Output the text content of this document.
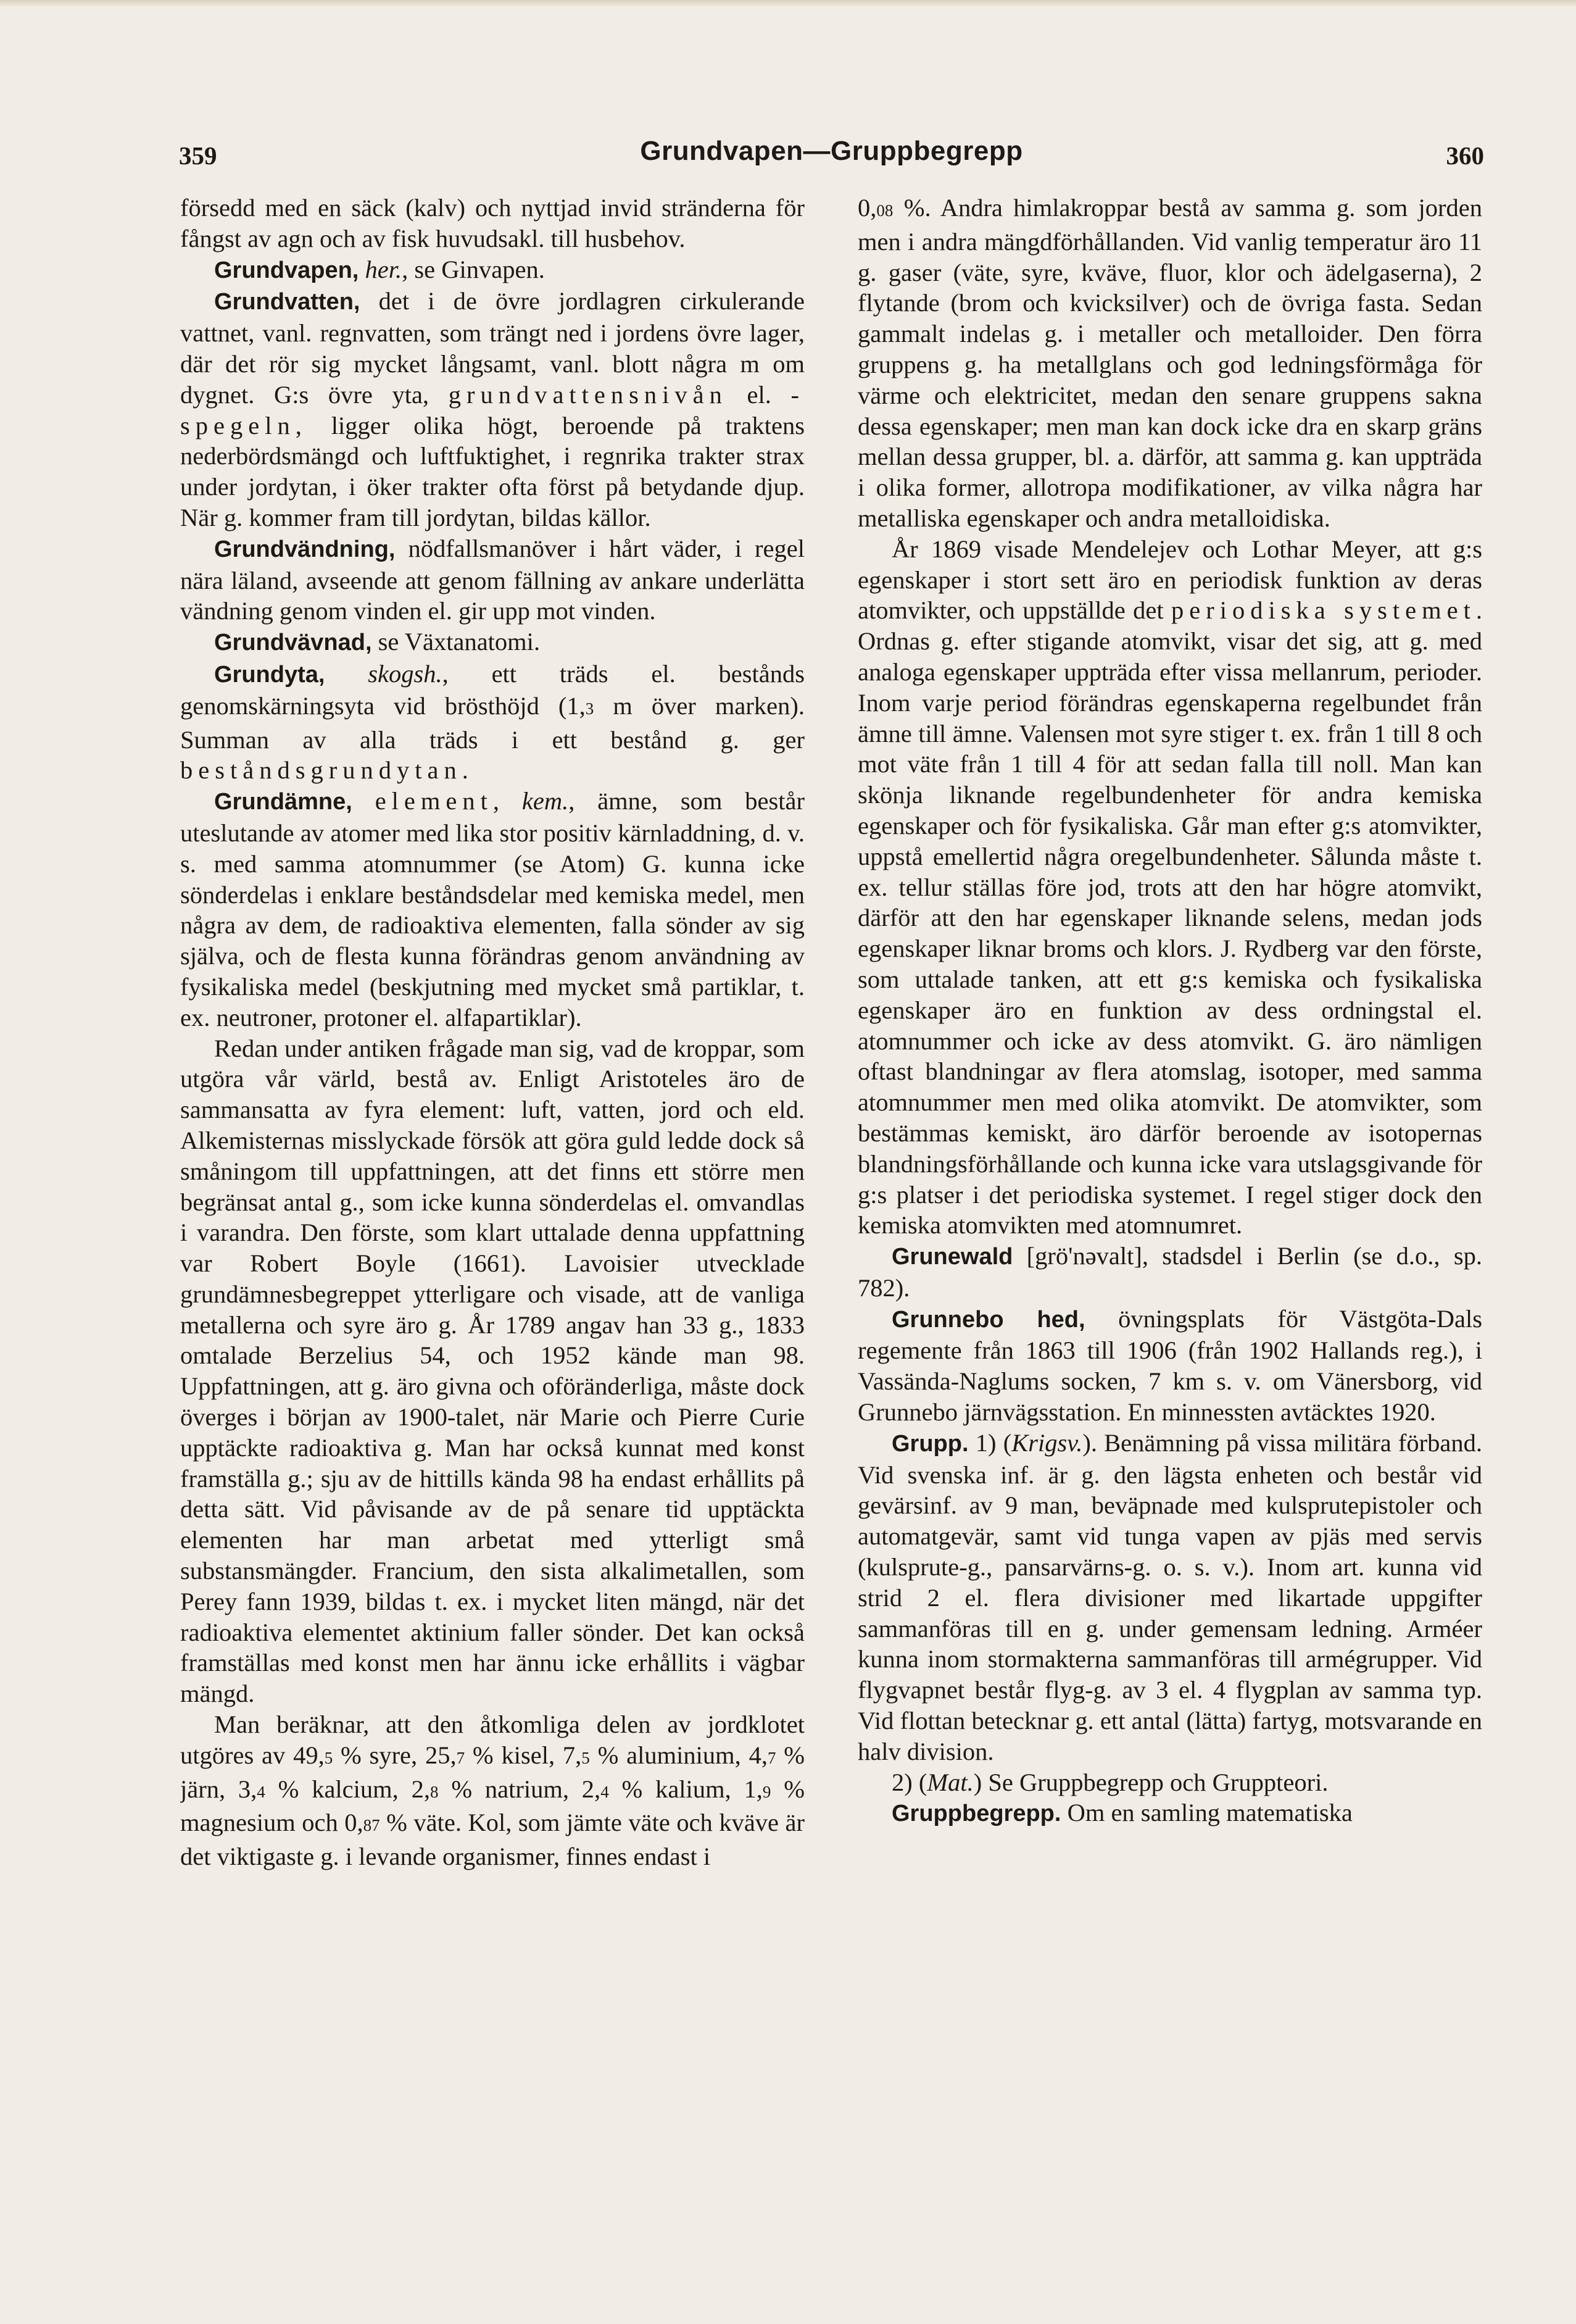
359	Grundvapen—Gruppbegrepp	360

försedd med en säck (kalv) och nyttjad invid stränderna för fångst av agn och av fisk huvudsakl. till husbehov.

Grundvapen, her., se Ginvapen.

Grundvatten, det i de övre jordlagren cirkulerande vattnet, vanl. regnvatten, som trängt ned i jordens övre lager, där det rör sig mycket långsamt, vanl. blott några m om dygnet. G:s övre yta, grundvattensnivån el. -spegeln, ligger olika högt, beroende på traktens nederbördsmängd och luftfuktighet, i regnrika trakter strax under jordytan, i öker trakter ofta först på betydande djup. När g. kommer fram till jordytan, bildas källor.

Grundvändning, nödfallsmanöver i hårt väder, i regel nära läland, avseende att genom fällning av ankare underlätta vändning genom vinden el. gir upp mot vinden.

Grundvävnad, se Växtanatomi.

Grundyta, skogsh., ett träds el. bestånds genomskärningsyta vid brösthöjd (1,3 m över marken). Summan av alla träds i ett bestånd g. ger beståndsgrundytan.

Grundämne, element, kem., ämne, som består uteslutande av atomer med lika stor positiv kärnladdning, d. v. s. med samma atomnummer (se Atom) G. kunna icke sönderdelas i enklare beståndsdelar med kemiska medel, men några av dem, de radioaktiva elementen, falla sönder av sig själva, och de flesta kunna förändras genom användning av fysikaliska medel (beskjutning med mycket små partiklar, t. ex. neutroner, protoner el. alfapartiklar).

Redan under antiken frågade man sig, vad de kroppar, som utgöra vår värld, bestå av. Enligt Aristoteles äro de sammansatta av fyra element: luft, vatten, jord och eld. Alkemisternas misslyckade försök att göra guld ledde dock så småningom till uppfattningen, att det finns ett större men begränsat antal g., som icke kunna sönderdelas el. omvandlas i varandra. Den förste, som klart uttalade denna uppfattning var Robert Boyle (1661). Lavoisier utvecklade grundämnesbegreppet ytterligare och visade, att de vanliga metallerna och syre äro g. År 1789 angav han 33 g., 1833 omtalade Berzelius 54, och 1952 kände man 98. Uppfattningen, att g. äro givna och oföränderliga, måste dock överges i början av 1900-talet, när Marie och Pierre Curie upptäckte radioaktiva g. Man har också kunnat med konst framställa g.; sju av de hittills kända 98 ha endast erhållits på detta sätt. Vid påvisande av de på senare tid upptäckta elementen har man arbetat med ytterligt små substansmängder. Francium, den sista alkalimetallen, som Perey fann 1939, bildas t. ex. i mycket liten mängd, när det radioaktiva elementet aktinium faller sönder. Det kan också framställas med konst men har ännu icke erhållits i vägbar mängd.

Man beräknar, att den åtkomliga delen av jordklotet utgöres av 49,5 % syre, 25,7 % kisel, 7,5 % aluminium, 4,7 % järn, 3,4 % kalcium, 2,8 % natrium, 2,4 % kalium, 1,9 % magnesium och 0,87 % väte. Kol, som jämte väte och kväve är det viktigaste g. i levande organismer, finnes endast i

0,08 %. Andra himlakroppar bestå av samma g. som jorden men i andra mängdförhållanden. Vid vanlig temperatur äro 11 g. gaser (väte, syre, kväve, fluor, klor och ädelgaserna), 2 flytande (brom och kvicksilver) och de övriga fasta. Sedan gammalt indelas g. i metaller och metalloider. Den förra gruppens g. ha metallglans och god ledningsförmåga för värme och elektricitet, medan den senare gruppens sakna dessa egenskaper; men man kan dock icke dra en skarp gräns mellan dessa grupper, bl. a. därför, att samma g. kan uppträda i olika former, allotropa modifikationer, av vilka några har metalliska egenskaper och andra metalloidiska.

År 1869 visade Mendelejev och Lothar Meyer, att g:s egenskaper i stort sett äro en periodisk funktion av deras atomvikter, och uppställde det periodiska systemet. Ordnas g. efter stigande atomvikt, visar det sig, att g. med analoga egenskaper uppträda efter vissa mellanrum, perioder. Inom varje period förändras egenskaperna regelbundet från ämne till ämne. Valensen mot syre stiger t. ex. från 1 till 8 och mot väte från 1 till 4 för att sedan falla till noll. Man kan skönja liknande regelbundenheter för andra kemiska egenskaper och för fysikaliska. Går man efter g:s atomvikter, uppstå emellertid några oregelbundenheter. Sålunda måste t. ex. tellur ställas före jod, trots att den har högre atomvikt, därför att den har egenskaper liknande selens, medan jods egenskaper liknar broms och klors. J. Rydberg var den förste, som uttalade tanken, att ett g:s kemiska och fysikaliska egenskaper äro en funktion av dess ordningstal el. atomnummer och icke av dess atomvikt. G. äro nämligen oftast blandningar av flera atomslag, isotoper, med samma atomnummer men med olika atomvikt. De atomvikter, som bestämmas kemiskt, äro därför beroende av isotopernas blandningsförhållande och kunna icke vara utslagsgivande för g:s platser i det periodiska systemet. I regel stiger dock den kemiska atomvikten med atomnumret.

Grunewald [grö'nəvalt], stadsdel i Berlin (se d.o., sp. 782).

Grunnebo hed, övningsplats för Västgöta-Dals regemente från 1863 till 1906 (från 1902 Hallands reg.), i Vassända-Naglums socken, 7 km s. v. om Vänersborg, vid Grunnebo järnvägsstation. En minnessten avtäcktes 1920.

Grupp. 1) (Krigsv.). Benämning på vissa militära förband. Vid svenska inf. är g. den lägsta enheten och består vid gevärsinf. av 9 man, beväpnade med kulsprutepistoler och automatgevär, samt vid tunga vapen av pjäs med servis (kulsprute-g., pansarvärns-g. o. s. v.). Inom art. kunna vid strid 2 el. flera divisioner med likartade uppgifter sammanföras till en g. under gemensam ledning. Arméer kunna inom stormakterna sammanföras till armégrupper. Vid flygvapnet består flyg-g. av 3 el. 4 flygplan av samma typ. Vid flottan betecknar g. ett antal (lätta) fartyg, motsvarande en halv division.

2) (Mat.) Se Gruppbegrepp och Gruppteori.

Gruppbegrepp. Om en samling matematiska
